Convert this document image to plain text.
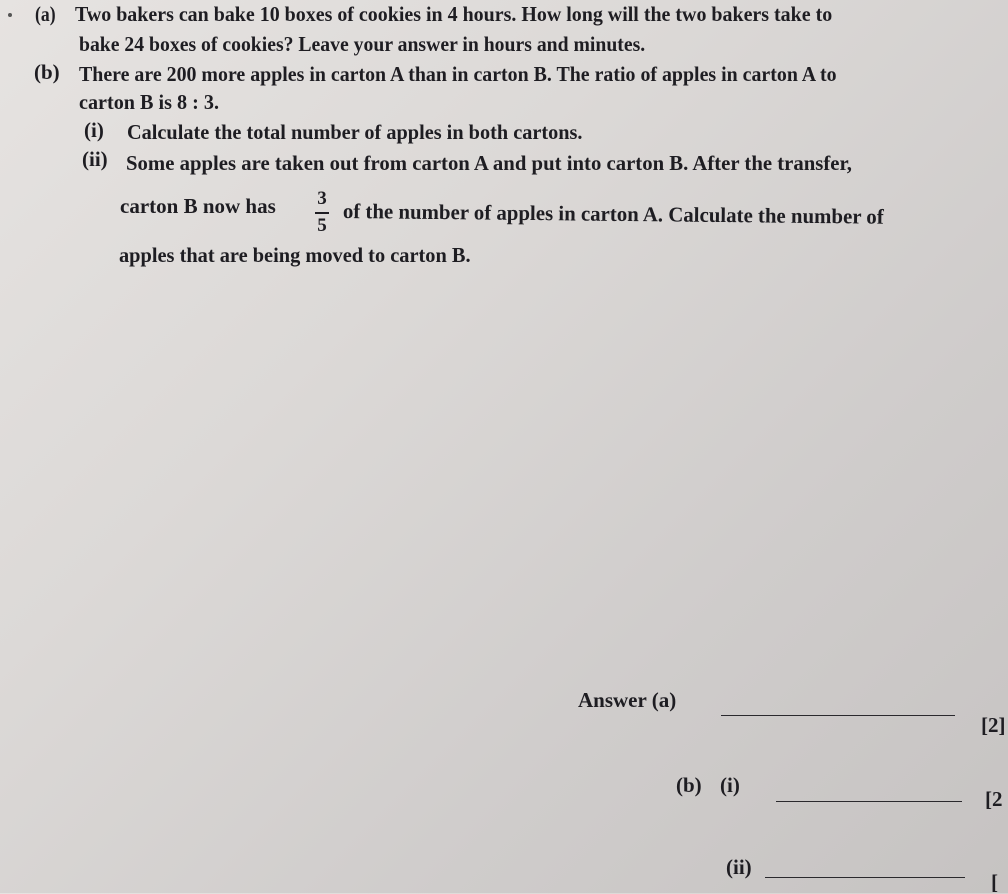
(a) Two bakers can bake 10 boxes of cookies in 4 hours. How long will the two bakers take to

bake 24 boxes of cookies? Leave your answer in hours and minutes.

(b) There are 200 more apples in carton A than in carton B. The ratio of apples in carton A to

carton B is 8 : 3.

(i) Calculate the total number of apples in both cartons.

(ii) Some apples are taken out from carton A and put into carton B. After the transfer,

carton B now has 3
5 of the number of apples in carton A. Calculate the number of

apples that are being moved to carton B.

Answer (a)

[2]

(b) (i)

[2

(ii)

[
